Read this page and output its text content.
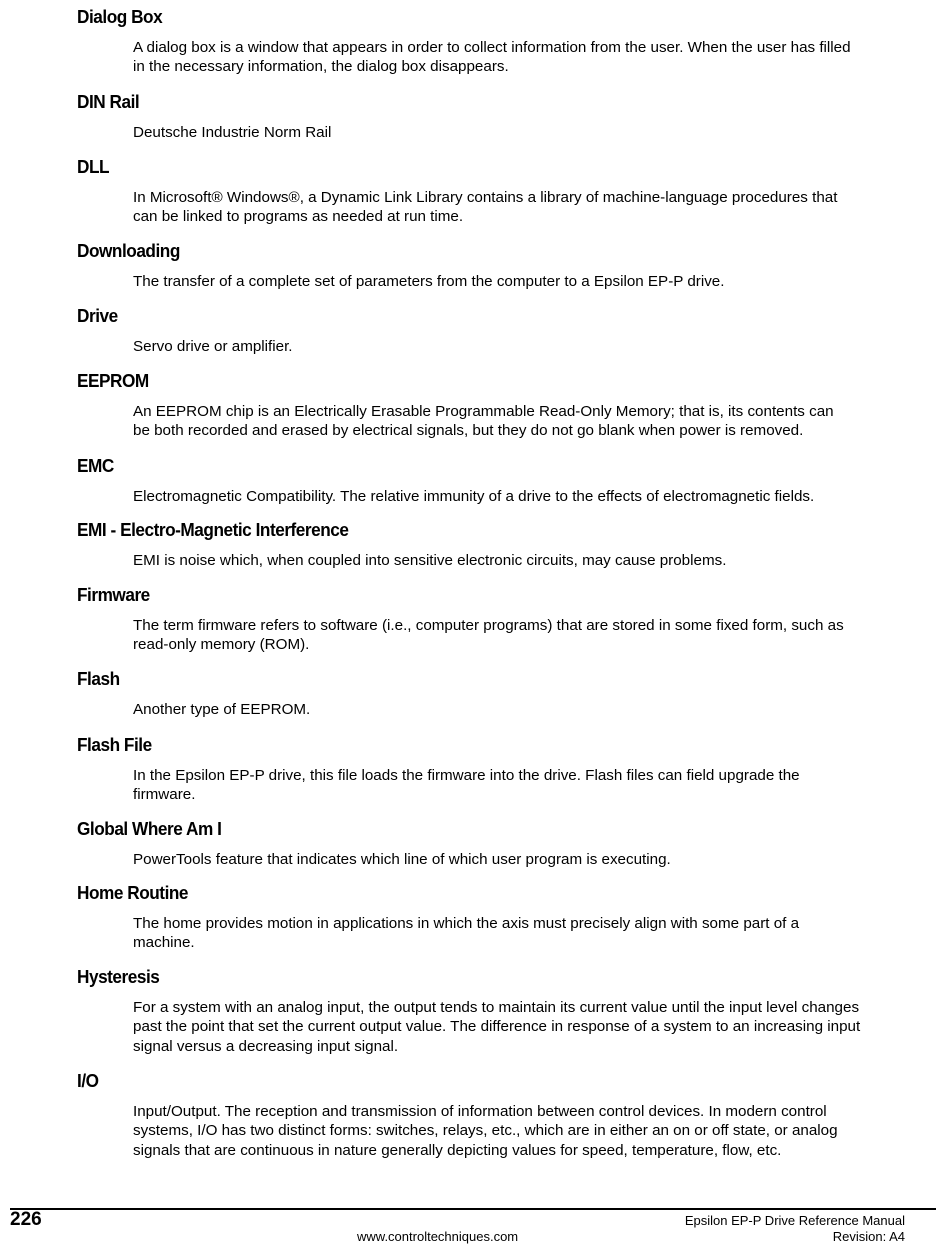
Dialog Box

A dialog box is a window that appears in order to collect information from the user. When the user has filled
in the necessary information, the dialog box disappears.

DIN Rail

Deutsche Industrie Norm Rail

DLL

In Microsoft® Windows®, a Dynamic Link Library contains a library of machine-language procedures that
can be linked to programs as needed at run time.

Downloading

The transfer of a complete set of parameters from the computer to a Epsilon EP-P drive.

Drive

Servo drive or amplifier.

EEPROM

An EEPROM chip is an Electrically Erasable Programmable Read-Only Memory; that is, its contents can
be both recorded and erased by electrical signals, but they do not go blank when power is removed.

EMC

Electromagnetic Compatibility. The relative immunity of a drive to the effects of electromagnetic fields.

EMI - Electro-Magnetic Interference

EMI is noise which, when coupled into sensitive electronic circuits, may cause problems.

Firmware

The term firmware refers to software (i.e., computer programs) that are stored in some fixed form, such as
read-only memory (ROM).

Flash

Another type of EEPROM.

Flash File

In the Epsilon EP-P drive, this file loads the firmware into the drive. Flash files can field upgrade the
firmware.

Global Where Am I

PowerTools feature that indicates which line of which user program is executing.

Home Routine

The home provides motion in applications in which the axis must precisely align with some part of a
machine.

Hysteresis

For a system with an analog input, the output tends to maintain its current value until the input level changes
past the point that set the current output value. The difference in response of a system to an increasing input
signal versus a decreasing input signal.

I/O

Input/Output. The reception and transmission of information between control devices. In modern control
systems, I/O has two distinct forms: switches, relays, etc., which are in either an on or off state, or analog
signals that are continuous in nature generally depicting values for speed, temperature, flow, etc.

226	Epsilon EP-P Drive Reference Manual
www.controltechniques.com	Revision: A4
